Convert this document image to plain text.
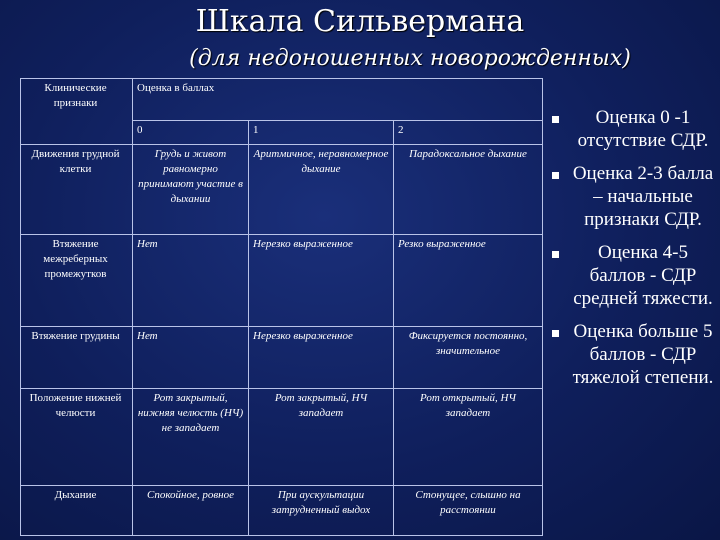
Шкала Сильвермана
(для недоношенных новорожденных)
Клинические признаки	Оценка в баллах		
	0	1	2
Движения грудной клетки	Грудь и живот равномерно принимают участие в дыхании	Аритмичное, неравномерное дыхание	Парадоксальное дыхание
Втяжение межреберных промежутков	Нет	Нерезко выраженное	Резко выраженное
Втяжение грудины	Нет	Нерезко выраженное	Фиксируется постоянно, значительное
Положение нижней челюсти	Рот закрытый, нижняя челюсть (НЧ) не западает	Рот закрытый, НЧ западает	Рот открытый, НЧ западает
Дыхание	Спокойное, ровное	При аускультации затрудненный выдох	Стонущее, слышно на расстоянии
Оценка 0 -1 отсутствие СДР.
Оценка 2-3 балла – начальные признаки СДР.
Оценка 4-5 баллов - СДР средней тяжести.
Оценка больше 5 баллов - СДР тяжелой степени.
